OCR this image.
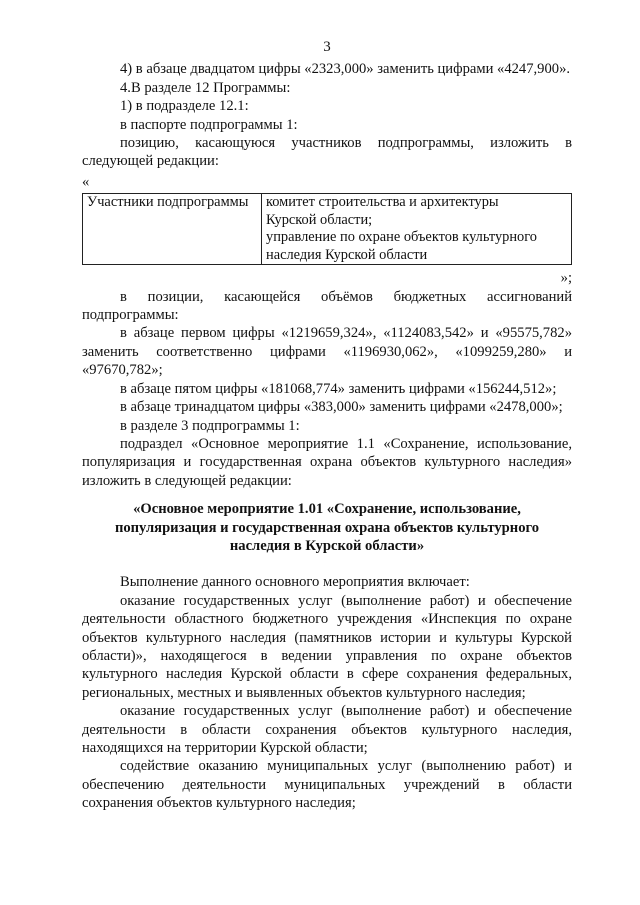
3

4) в абзаце двадцатом цифры «2323,000» заменить цифрами «4247,900».

4.В разделе 12 Программы:

1) в подразделе 12.1:

в паспорте подпрограммы 1:

позицию, касающуюся участников подпрограммы, изложить в следующей редакции:

«

Участники подпрограммы	комитет строительства и архитектуры
Курской области;
управление по охране объектов культурного
наследия Курской области

»;

в позиции, касающейся объёмов бюджетных ассигнований подпрограммы:

в абзаце первом цифры «1219659,324», «1124083,542» и «95575,782» заменить соответственно цифрами «1196930,062», «1099259,280» и «97670,782»;

в абзаце пятом цифры «181068,774» заменить цифрами «156244,512»;

в абзаце тринадцатом цифры «383,000» заменить цифрами «2478,000»;

в разделе 3 подпрограммы 1:

подраздел «Основное мероприятие 1.1 «Сохранение, использование, популяризация и государственная охрана объектов культурного наследия» изложить в следующей редакции:

«Основное мероприятие 1.01 «Сохранение, использование,
популяризация и государственная охрана объектов культурного
наследия в Курской области»

Выполнение данного основного мероприятия включает:

оказание государственных услуг (выполнение работ) и обеспечение деятельности областного бюджетного учреждения «Инспекция по охране объектов культурного наследия (памятников истории и культуры Курской области)», находящегося в ведении управления по охране объектов культурного наследия Курской области в сфере сохранения федеральных, региональных, местных и выявленных объектов культурного наследия;

оказание государственных услуг (выполнение работ) и обеспечение деятельности в области сохранения объектов культурного наследия, находящихся на территории Курской области;

содействие оказанию муниципальных услуг (выполнению работ) и обеспечению деятельности муниципальных учреждений в области сохранения объектов культурного наследия;
